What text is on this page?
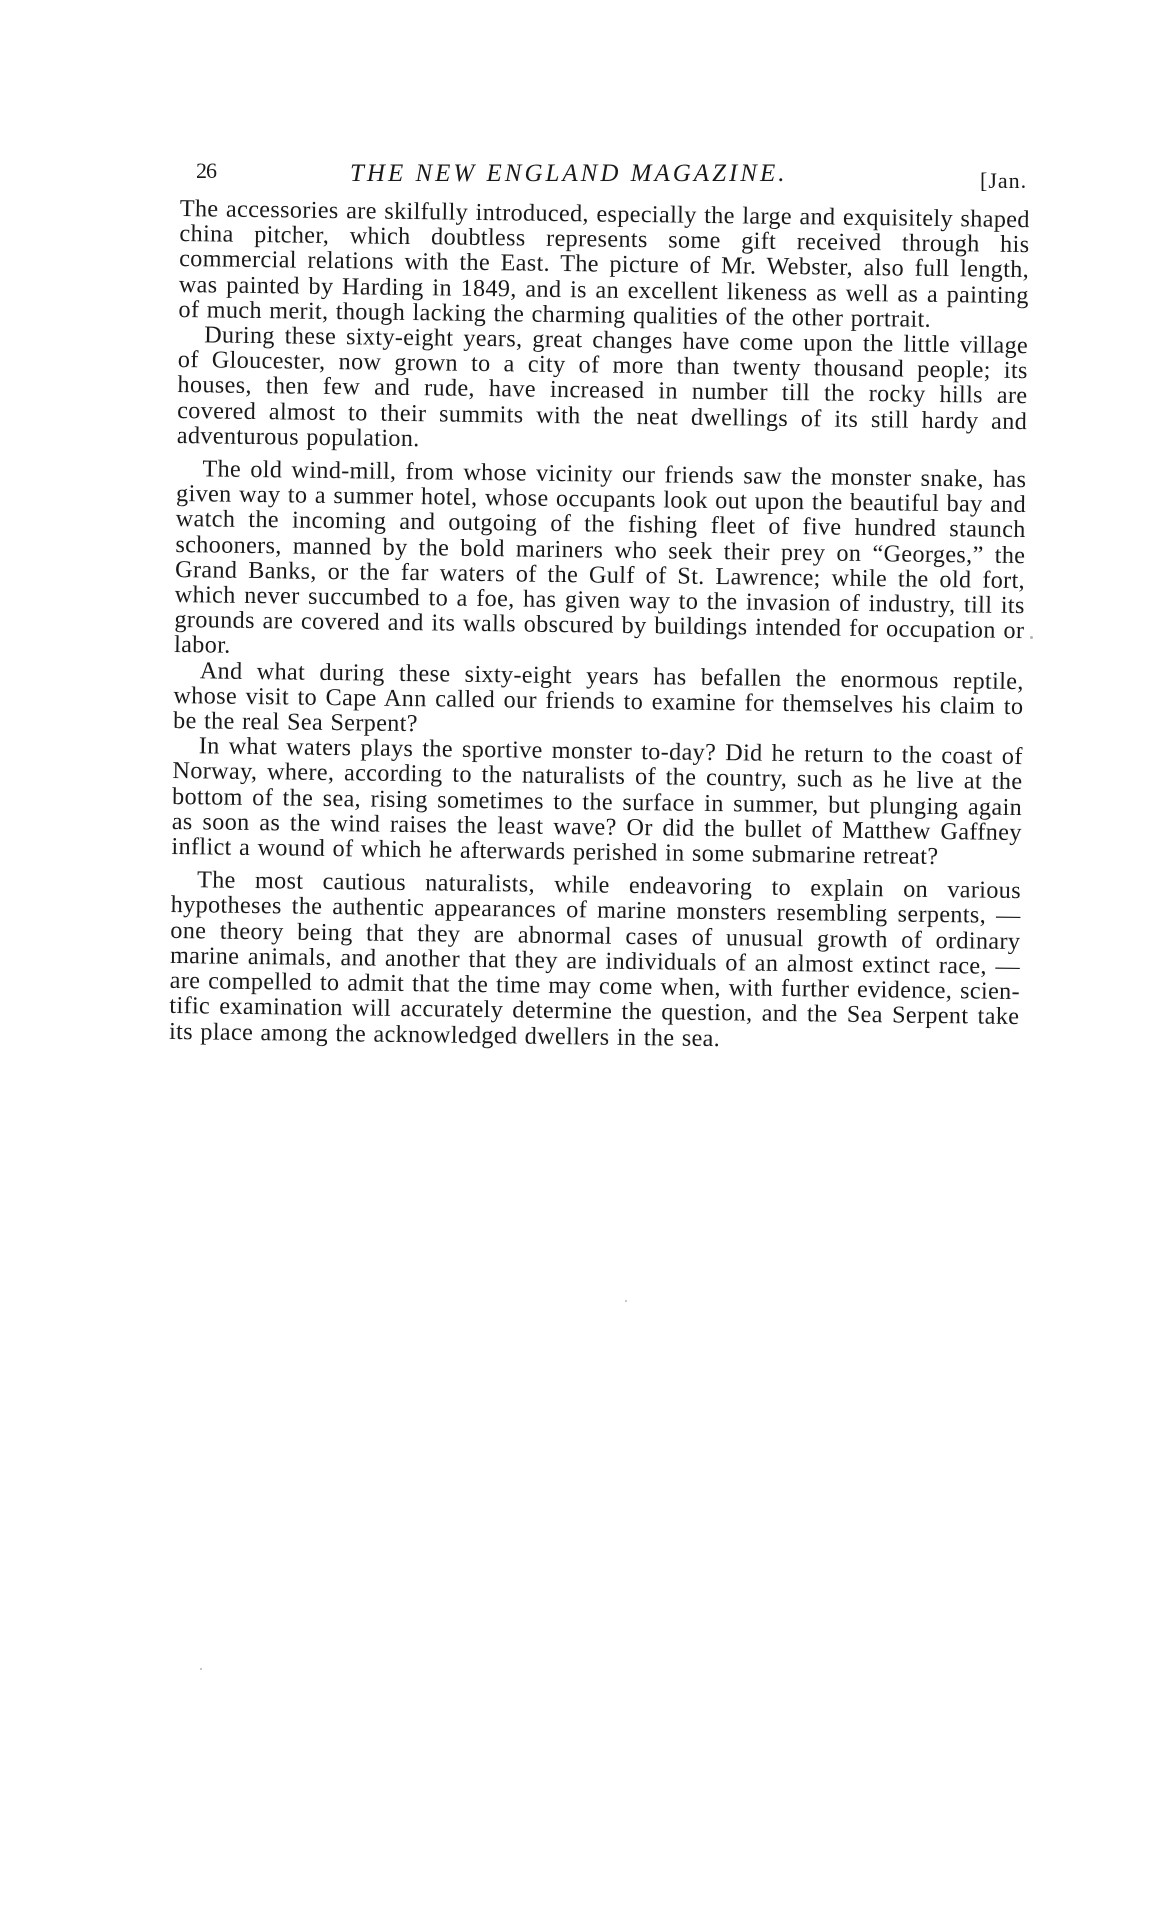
26	THE NEW ENGLAND MAGAZINE.	[Jan.

The accessories are skilfully introduced, especially the large and exquisitely shaped china pitcher, which doubtless represents some gift received through his commercial relations with the East. The picture of Mr. Webster, also full length, was painted by Harding in 1849, and is an excellent likeness as well as a painting of much merit, though lacking the charming qualities of the other portrait.

During these sixty-eight years, great changes have come upon the little village of Gloucester, now grown to a city of more than twenty thousand people; its houses, then few and rude, have increased in number till the rocky hills are covered almost to their summits with the neat dwellings of its still hardy and adventurous population.

The old wind-mill, from whose vicinity our friends saw the monster snake, has given way to a summer hotel, whose occupants look out upon the beautiful bay and watch the incoming and outgoing of the fishing fleet of five hundred staunch schooners, manned by the bold mariners who seek their prey on “Georges,” the Grand Banks, or the far waters of the Gulf of St. Lawrence; while the old fort, which never succumbed to a foe, has given way to the invasion of industry, till its grounds are covered and its walls obscured by buildings intended for occupation or labor.

And what during these sixty-eight years has befallen the enormous reptile, whose visit to Cape Ann called our friends to examine for themselves his claim to be the real Sea Serpent?

In what waters plays the sportive monster to-day? Did he return to the coast of Norway, where, according to the naturalists of the country, such as he live at the bottom of the sea, rising sometimes to the surface in summer, but plunging again as soon as the wind raises the least wave? Or did the bullet of Matthew Gaffney inflict a wound of which he afterwards perished in some submarine retreat?

The most cautious naturalists, while endeavoring to explain on various hypotheses the authentic appearances of marine monsters resembling serpents, — one theory being that they are abnormal cases of unusual growth of ordinary marine animals, and another that they are individuals of an almost extinct race, — are compelled to admit that the time may come when, with further evidence, scientific examination will accurately determine the question, and the Sea Serpent take its place among the acknowledged dwellers in the sea.
